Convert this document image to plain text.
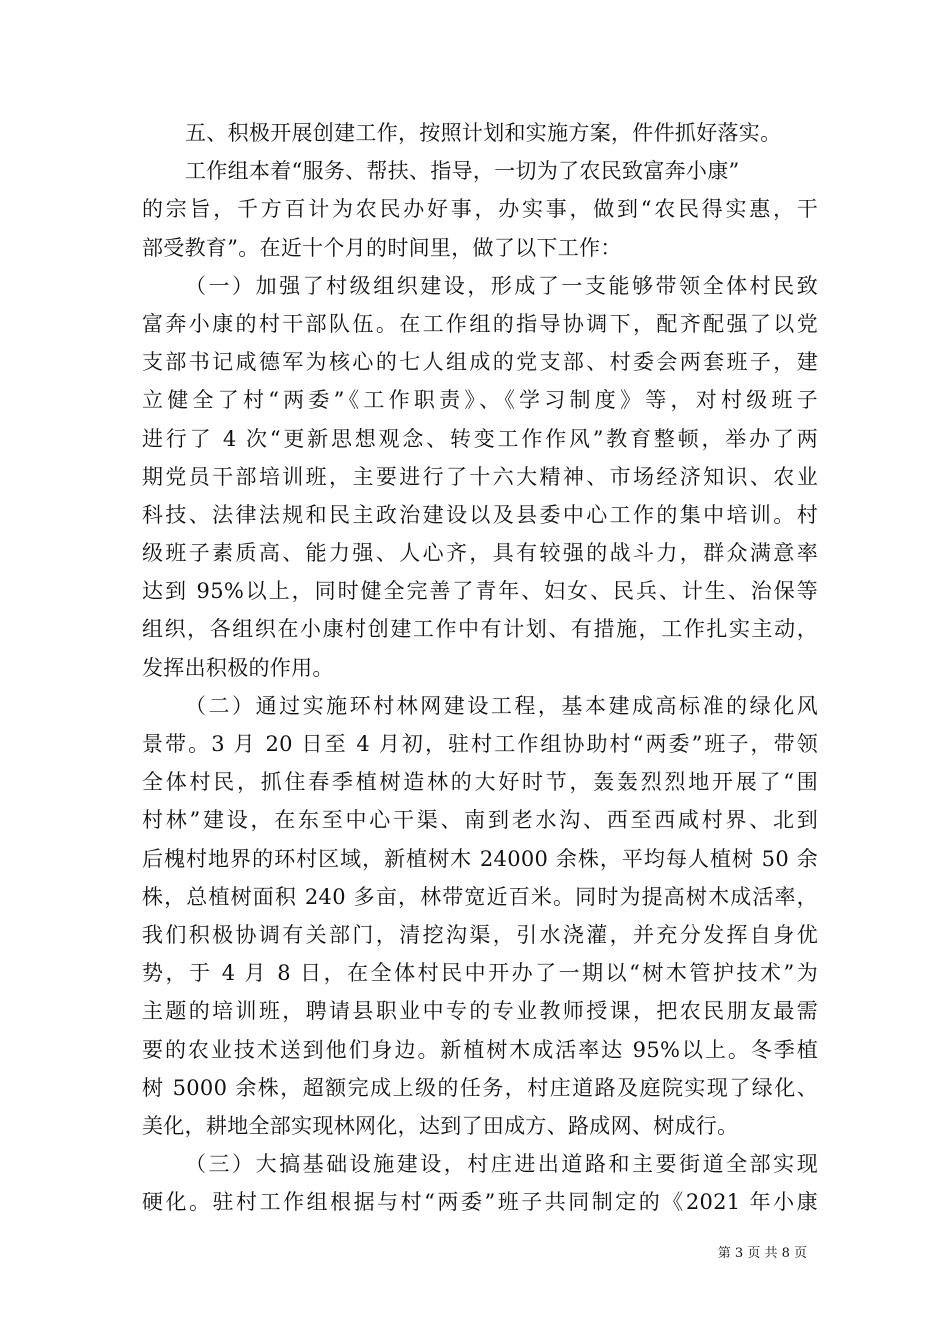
五、积极开展创建工作，按照计划和实施方案，件件抓好落实。
工作组本着“服务、帮扶、指导，一切为了农民致富奔小康”
的宗旨，千方百计为农民办好事，办实事，做到“农民得实惠，干
部受教育”。在近十个月的时间里，做了以下工作：
（一）加强了村级组织建设，形成了一支能够带领全体村民致
富奔小康的村干部队伍。在工作组的指导协调下，配齐配强了以党
支部书记咸德军为核心的七人组成的党支部、村委会两套班子，建
立健全了村“两委”《工作职责》、《学习制度》等，对村级班子
进行了 4 次“更新思想观念、转变工作作风”教育整顿，举办了两
期党员干部培训班，主要进行了十六大精神、市场经济知识、农业
科技、法律法规和民主政治建设以及县委中心工作的集中培训。村
级班子素质高、能力强、人心齐，具有较强的战斗力，群众满意率
达到 95%以上，同时健全完善了青年、妇女、民兵、计生、治保等
组织，各组织在小康村创建工作中有计划、有措施，工作扎实主动，
发挥出积极的作用。
（二）通过实施环村林网建设工程，基本建成高标准的绿化风
景带。3 月 20 日至 4 月初，驻村工作组协助村“两委”班子，带领
全体村民，抓住春季植树造林的大好时节，轰轰烈烈地开展了“围
村林”建设，在东至中心干渠、南到老水沟、西至西咸村界、北到
后槐村地界的环村区域，新植树木 24000 余株，平均每人植树 50 余
株，总植树面积 240 多亩，林带宽近百米。同时为提高树木成活率，
我们积极协调有关部门，清挖沟渠，引水浇灌，并充分发挥自身优
势，于 4 月 8 日，在全体村民中开办了一期以“树木管护技术”为
主题的培训班，聘请县职业中专的专业教师授课，把农民朋友最需
要的农业技术送到他们身边。新植树木成活率达 95%以上。冬季植
树 5000 余株，超额完成上级的任务，村庄道路及庭院实现了绿化、
美化，耕地全部实现林网化，达到了田成方、路成网、树成行。
（三）大搞基础设施建设，村庄进出道路和主要街道全部实现
硬化。驻村工作组根据与村“两委”班子共同制定的《2021 年小康
第 3 页 共 8 页
